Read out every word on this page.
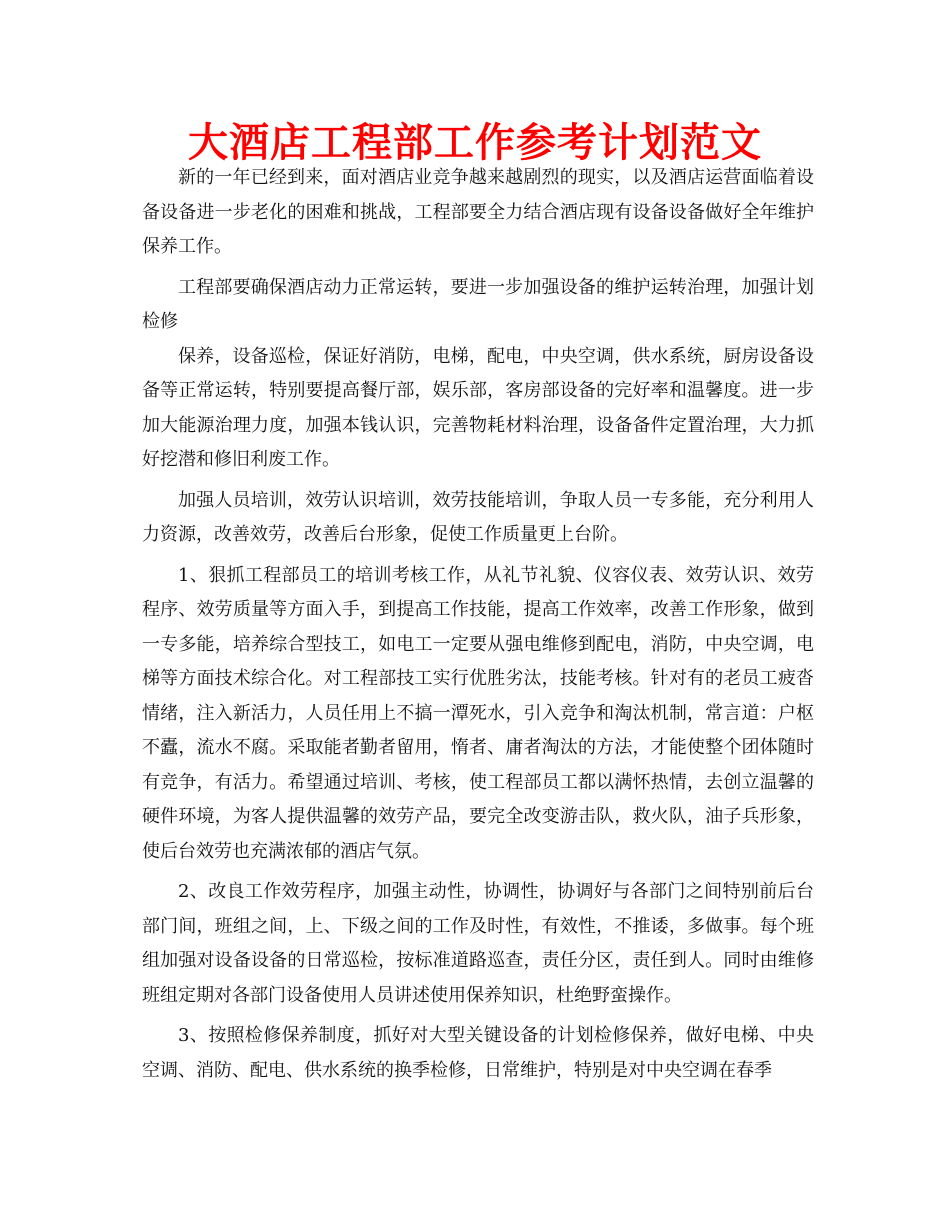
大酒店工程部工作参考计划范文

新的一年已经到来，面对酒店业竞争越来越剧烈的现实，以及酒店运营面临着设备设备进一步老化的困难和挑战，工程部要全力结合酒店现有设备设备做好全年维护保养工作。

工程部要确保酒店动力正常运转，要进一步加强设备的维护运转治理，加强计划检修

保养，设备巡检，保证好消防，电梯，配电，中央空调，供水系统，厨房设备设备等正常运转，特别要提高餐厅部，娱乐部，客房部设备的完好率和温馨度。进一步加大能源治理力度，加强本钱认识，完善物耗材料治理，设备备件定置治理，大力抓好挖潜和修旧利废工作。

加强人员培训，效劳认识培训，效劳技能培训，争取人员一专多能，充分利用人力资源，改善效劳，改善后台形象，促使工作质量更上台阶。

1、狠抓工程部员工的培训考核工作，从礼节礼貌、仪容仪表、效劳认识、效劳程序、效劳质量等方面入手，到提高工作技能，提高工作效率，改善工作形象，做到一专多能，培养综合型技工，如电工一定要从强电维修到配电，消防，中央空调，电梯等方面技术综合化。对工程部技工实行优胜劣汰，技能考核。针对有的老员工疲沓情绪，注入新活力，人员任用上不搞一潭死水，引入竞争和淘汰机制，常言道：户枢不蠹，流水不腐。采取能者勤者留用，惰者、庸者淘汰的方法，才能使整个团体随时有竞争，有活力。希望通过培训、考核，使工程部员工都以满怀热情，去创立温馨的硬件环境，为客人提供温馨的效劳产品，要完全改变游击队，救火队，油子兵形象，使后台效劳也充满浓郁的酒店气氛。

2、改良工作效劳程序，加强主动性，协调性，协调好与各部门之间特别前后台部门间，班组之间，上、下级之间的工作及时性，有效性，不推诿，多做事。每个班组加强对设备设备的日常巡检，按标准道路巡查，责任分区，责任到人。同时由维修班组定期对各部门设备使用人员讲述使用保养知识，杜绝野蛮操作。

3、按照检修保养制度，抓好对大型关键设备的计划检修保养，做好电梯、中央空调、消防、配电、供水系统的换季检修，日常维护，特别是对中央空调在春季
